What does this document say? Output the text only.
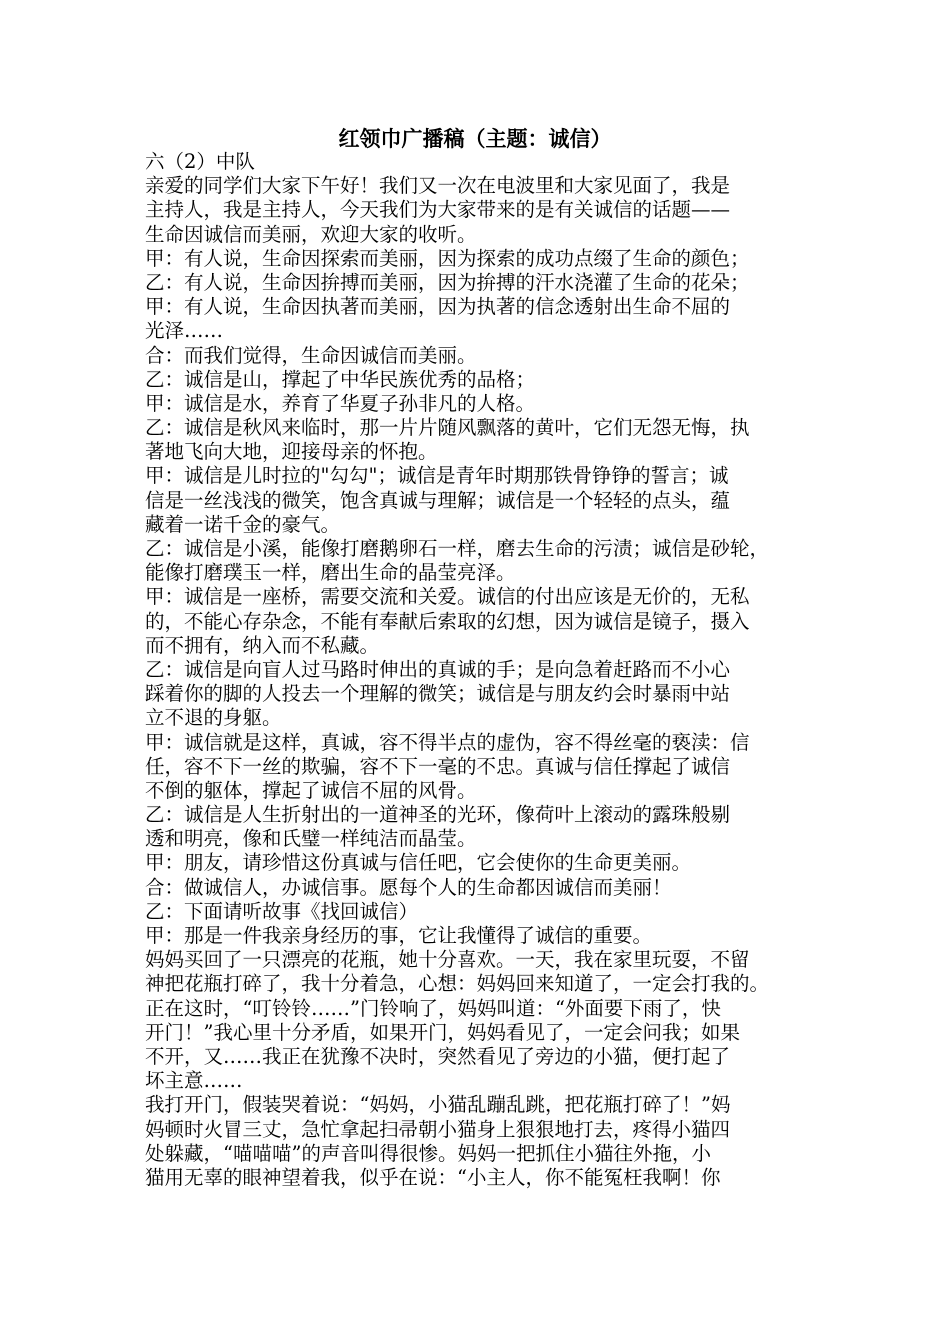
红领巾广播稿（主题：诚信）
六（2）中队
亲爱的同学们大家下午好！我们又一次在电波里和大家见面了，我是
主持人，我是主持人，今天我们为大家带来的是有关诚信的话题——
生命因诚信而美丽，欢迎大家的收听。
甲：有人说，生命因探索而美丽，因为探索的成功点缀了生命的颜色；
乙：有人说，生命因拚搏而美丽，因为拚搏的汗水浇灌了生命的花朵；
甲：有人说，生命因执著而美丽，因为执著的信念透射出生命不屈的
光泽……
合：而我们觉得，生命因诚信而美丽。
乙：诚信是山，撑起了中华民族优秀的品格；
甲：诚信是水，养育了华夏子孙非凡的人格。
乙：诚信是秋风来临时，那一片片随风飘落的黄叶，它们无怨无悔，执
著地飞向大地，迎接母亲的怀抱。
甲：诚信是儿时拉的"勾勾"；诚信是青年时期那铁骨铮铮的誓言；诚
信是一丝浅浅的微笑，饱含真诚与理解；诚信是一个轻轻的点头，蕴
藏着一诺千金的豪气。
乙：诚信是小溪，能像打磨鹅卵石一样，磨去生命的污渍；诚信是砂轮，
能像打磨璞玉一样，磨出生命的晶莹亮泽。
甲：诚信是一座桥，需要交流和关爱。诚信的付出应该是无价的，无私
的，不能心存杂念，不能有奉献后索取的幻想，因为诚信是镜子，摄入
而不拥有，纳入而不私藏。
乙：诚信是向盲人过马路时伸出的真诚的手；是向急着赶路而不小心
踩着你的脚的人投去一个理解的微笑；诚信是与朋友约会时暴雨中站
立不退的身躯。
甲：诚信就是这样，真诚，容不得半点的虚伪，容不得丝毫的亵渎：信
任，容不下一丝的欺骗，容不下一毫的不忠。真诚与信任撑起了诚信
不倒的躯体，撑起了诚信不屈的风骨。
乙：诚信是人生折射出的一道神圣的光环，像荷叶上滚动的露珠般剔
透和明亮，像和氏璧一样纯洁而晶莹。
甲：朋友，请珍惜这份真诚与信任吧，它会使你的生命更美丽。
合：做诚信人，办诚信事。愿每个人的生命都因诚信而美丽！
乙：下面请听故事《找回诚信）
甲：那是一件我亲身经历的事，它让我懂得了诚信的重要。
妈妈买回了一只漂亮的花瓶，她十分喜欢。一天，我在家里玩耍，不留
神把花瓶打碎了，我十分着急，心想：妈妈回来知道了，一定会打我的。
正在这时，“叮铃铃……”门铃响了，妈妈叫道：“外面要下雨了，快
开门！”我心里十分矛盾，如果开门，妈妈看见了，一定会问我；如果
不开，又……我正在犹豫不决时，突然看见了旁边的小猫，便打起了
坏主意……
我打开门，假装哭着说：“妈妈，小猫乱蹦乱跳，把花瓶打碎了！”妈
妈顿时火冒三丈，急忙拿起扫帚朝小猫身上狠狠地打去，疼得小猫四
处躲藏，“喵喵喵”的声音叫得很惨。妈妈一把抓住小猫往外拖，小
猫用无辜的眼神望着我，似乎在说：“小主人，你不能冤枉我啊！你
